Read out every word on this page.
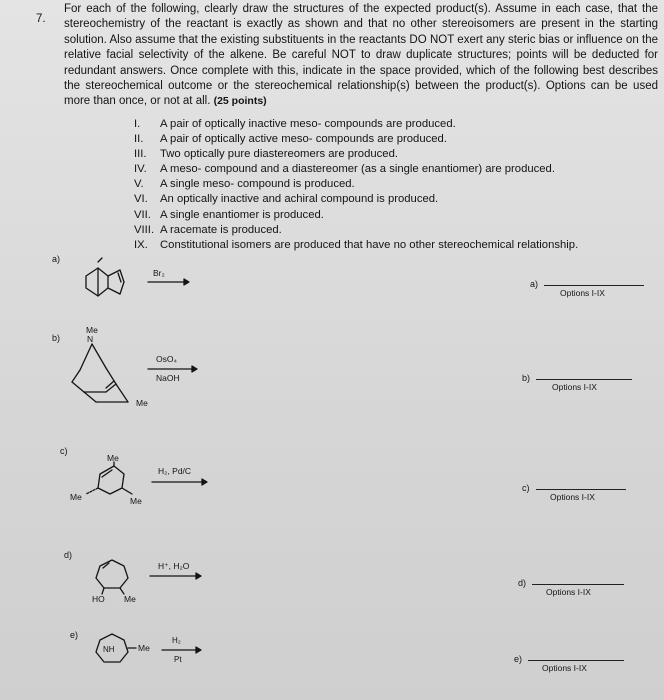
7.

For each of the following, clearly draw the structures of the expected product(s). Assume in each case, that the stereochemistry of the reactant is exactly as shown and that no other stereoisomers are present in the starting solution. Also assume that the existing substituents in the reactants DO NOT exert any steric bias or influence on the relative facial selectivity of the alkene. Be careful NOT to draw duplicate structures; points will be deducted for redundant answers. Once complete with this, indicate in the space provided, which of the following best describes the stereochemical outcome or the stereochemical relationship(s) between the product(s). Options can be used more than once, or not at all. (25 points)

I.	A pair of optically inactive meso- compounds are produced.
II.	A pair of optically active meso- compounds are produced.
III.	Two optically pure diastereomers are produced.
IV.	A meso- compound and a diastereomer (as a single enantiomer) are produced.
V.	A single meso- compound is produced.
VI.	An optically inactive and achiral compound is produced.
VII. A single enantiomer is produced.
VIII. A racemate is produced.
IX.	Constitutional isomers are produced that have no other stereochemical relationship.
a)
b)
c)
d)
e)
a)
Options I-IX
b)
Options I-IX
c)
Options I-IX
d)
Options I-IX
e)
Options I-IX
Br₂
Me
N
Me
OsO₄
NaOH
Me
Me	Me
H₂, Pd/C
HO Me
H⁺, H₂O
NH	Me
H₂
Pt
